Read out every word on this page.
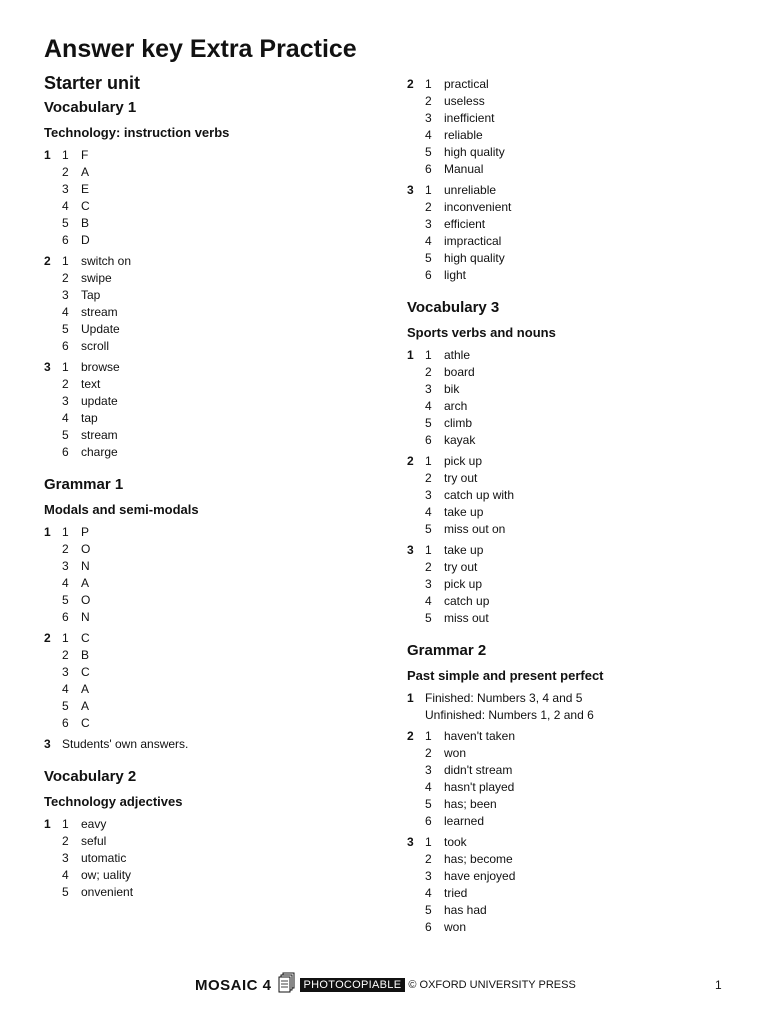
Answer key Extra Practice
Starter unit
Vocabulary 1
Technology: instruction verbs
1 1	F
2	A
3	E
4	C
5	B
6	D
2 1	switch on
2	swipe
3	Tap
4	stream
5	Update
6	scroll
3 1	browse
2	text
3	update
4	tap
5	stream
6	charge
Grammar 1
Modals and semi-modals
1 1	P
2	O
3	N
4	A
5	O
6	N
2 1	C
2	B
3	C
4	A
5	A
6	C
3 Students' own answers.
Vocabulary 2
Technology adjectives
1 1	eavy
2	seful
3	utomatic
4	ow; uality
5	onvenient
2 1	practical
2	useless
3	inefficient
4	reliable
5	high quality
6	Manual
3 1	unreliable
2	inconvenient
3	efficient
4	impractical
5	high quality
6	light
Vocabulary 3
Sports verbs and nouns
1 1	athle
2	board
3	bik
4	arch
5	climb
6	kayak
2 1	pick up
2	try out
3	catch up with
4	take up
5	miss out on
3 1	take up
2	try out
3	pick up
4	catch up
5	miss out
Grammar 2
Past simple and present perfect
1 Finished: Numbers 3, 4 and 5
Unfinished: Numbers 1, 2 and 6
2 1	haven't taken
2	won
3	didn't stream
4	hasn't played
5	has; been
6	learned
3 1	took
2	has; become
3	have enjoyed
4	tried
5	has had
6	won
MOSAIC 4	PHOTOCOPIABLE © OXFORD UNIVERSITY PRESS	1
